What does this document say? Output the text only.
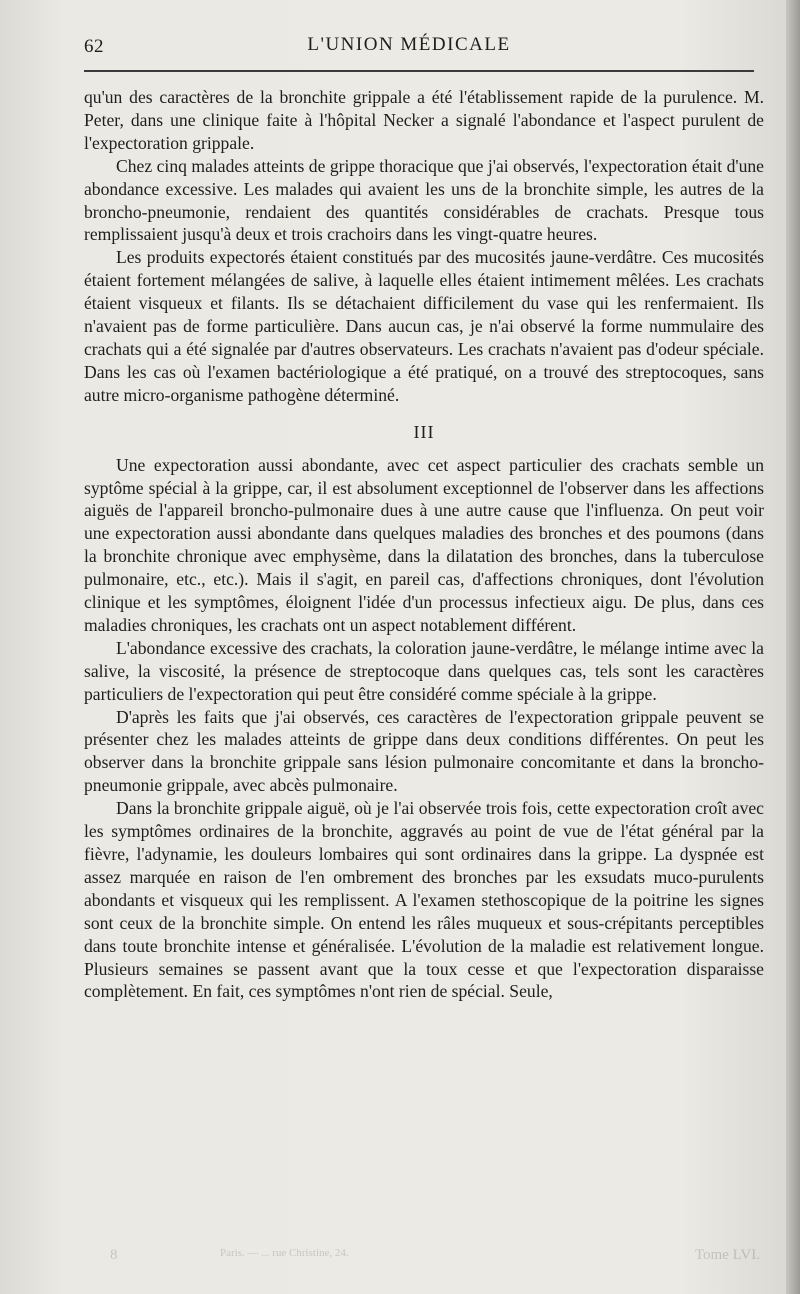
62	L'UNION MÉDICALE

qu'un des caractères de la bronchite grippale a été l'établissement rapide de la purulence. M. Peter, dans une clinique faite à l'hôpital Necker a signalé l'abondance et l'aspect purulent de l'expectoration grippale.

Chez cinq malades atteints de grippe thoracique que j'ai observés, l'expectoration était d'une abondance excessive. Les malades qui avaient les uns de la bronchite simple, les autres de la broncho-pneumonie, rendaient des quantités considérables de crachats. Presque tous remplissaient jusqu'à deux et trois crachoirs dans les vingt-quatre heures.

Les produits expectorés étaient constitués par des mucosités jaune-verdâtre. Ces mucosités étaient fortement mélangées de salive, à laquelle elles étaient intimement mêlées. Les crachats étaient visqueux et filants. Ils se détachaient difficilement du vase qui les renfermaient. Ils n'avaient pas de forme particulière. Dans aucun cas, je n'ai observé la forme nummulaire des crachats qui a été signalée par d'autres observateurs. Les crachats n'avaient pas d'odeur spéciale. Dans les cas où l'examen bactériologique a été pratiqué, on a trouvé des streptocoques, sans autre micro-organisme pathogène déterminé.

III

Une expectoration aussi abondante, avec cet aspect particulier des crachats semble un syptôme spécial à la grippe, car, il est absolument exceptionnel de l'observer dans les affections aiguës de l'appareil broncho-pulmonaire dues à une autre cause que l'influenza. On peut voir une expectoration aussi abondante dans quelques maladies des bronches et des poumons (dans la bronchite chronique avec emphysème, dans la dilatation des bronches, dans la tuberculose pulmonaire, etc., etc.). Mais il s'agit, en pareil cas, d'affections chroniques, dont l'évolution clinique et les symptômes, éloignent l'idée d'un processus infectieux aigu. De plus, dans ces maladies chroniques, les crachats ont un aspect notablement différent.

L'abondance excessive des crachats, la coloration jaune-verdâtre, le mélange intime avec la salive, la viscosité, la présence de streptocoque dans quelques cas, tels sont les caractères particuliers de l'expectoration qui peut être considéré comme spéciale à la grippe.

D'après les faits que j'ai observés, ces caractères de l'expectoration grippale peuvent se présenter chez les malades atteints de grippe dans deux conditions différentes. On peut les observer dans la bronchite grippale sans lésion pulmonaire concomitante et dans la broncho-pneumonie grippale, avec abcès pulmonaire.

Dans la bronchite grippale aiguë, où je l'ai observée trois fois, cette expectoration croît avec les symptômes ordinaires de la bronchite, aggravés au point de vue de l'état général par la fièvre, l'adynamie, les douleurs lombaires qui sont ordinaires dans la grippe. La dyspnée est assez marquée en raison de l'en ombrement des bronches par les exsudats muco-purulents abondants et visqueux qui les remplissent. A l'examen stethoscopique de la poitrine les signes sont ceux de la bronchite simple. On entend les râles muqueux et sous-crépitants perceptibles dans toute bronchite intense et généralisée. L'évolution de la maladie est relativement longue. Plusieurs semaines se passent avant que la toux cesse et que l'expectoration disparaisse complètement. En fait, ces symptômes n'ont rien de spécial. Seule,

8	Paris. — ... rue Christine, 24.	Tome LVI.
